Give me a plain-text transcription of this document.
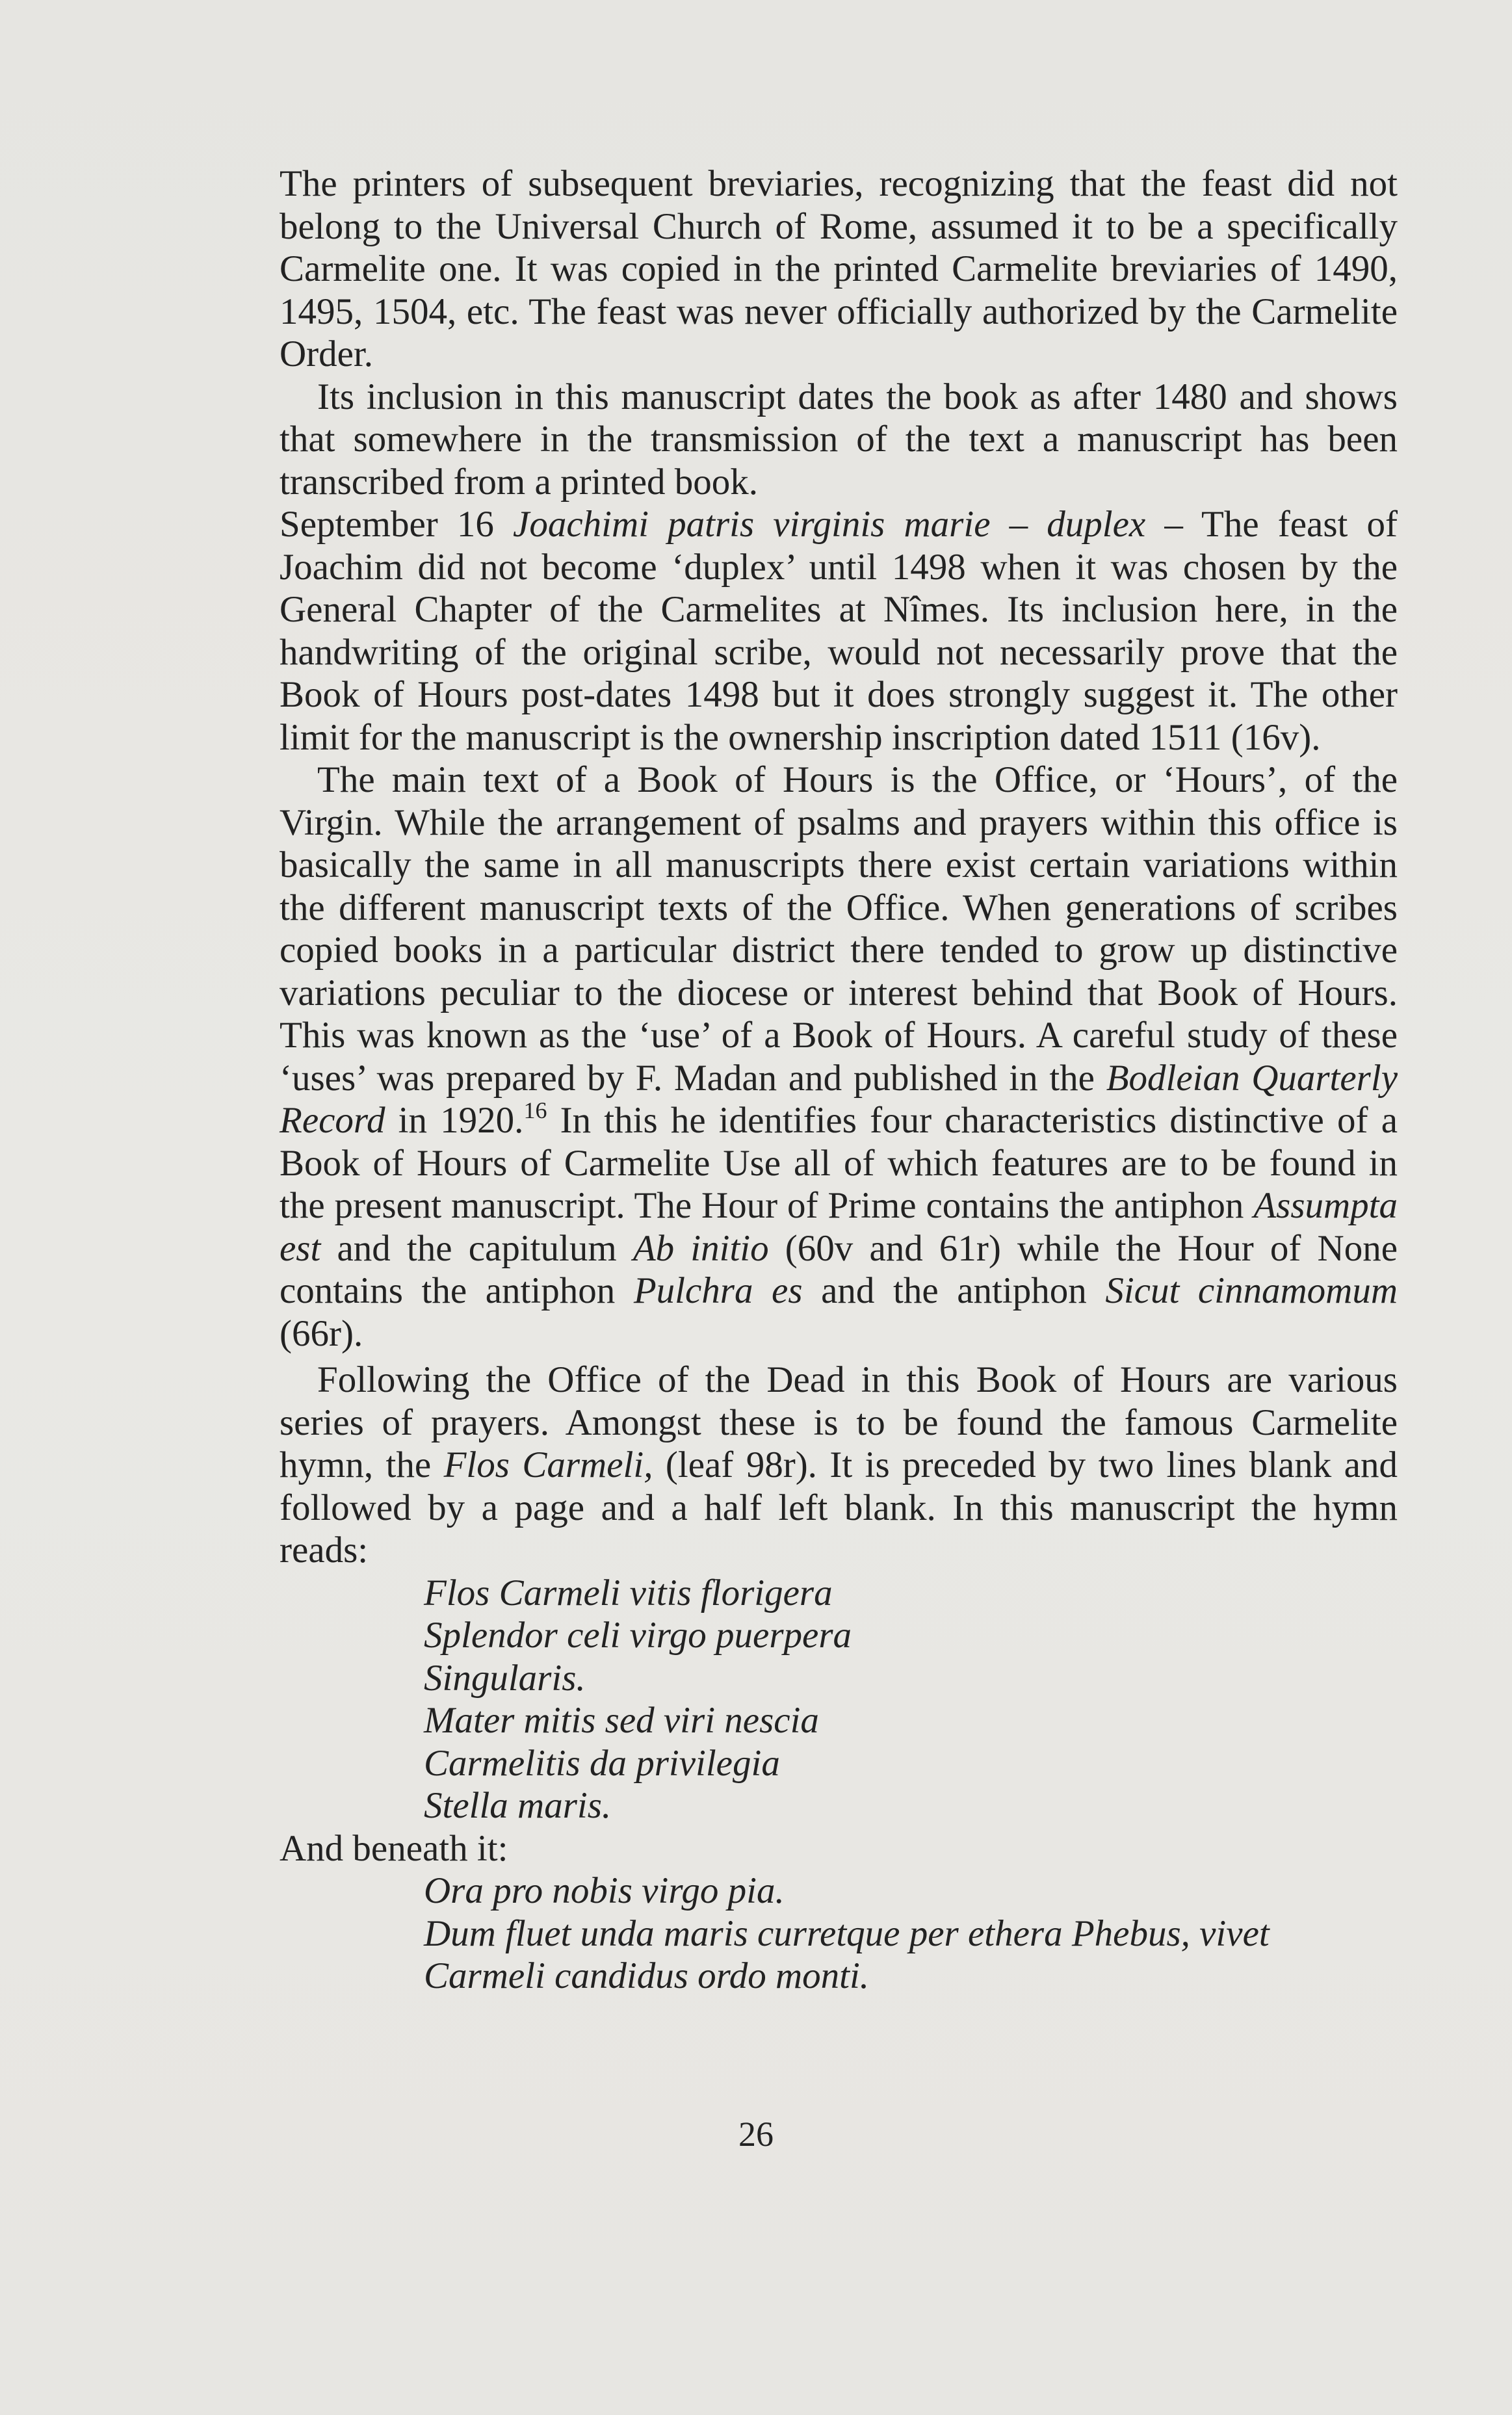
The printers of subsequent breviaries, recognizing that the feast did not belong to the Universal Church of Rome, assumed it to be a specifically Carmelite one. It was copied in the printed Carmelite breviaries of 1490, 1495, 1504, etc. The feast was never officially authorized by the Carmelite Order.

Its inclusion in this manuscript dates the book as after 1480 and shows that somewhere in the transmission of the text a manuscript has been transcribed from a printed book.

September 16 Joachimi patris virginis marie – duplex – The feast of Joachim did not become ‘duplex’ until 1498 when it was chosen by the General Chapter of the Carmelites at Nîmes. Its inclusion here, in the handwriting of the original scribe, would not necessarily prove that the Book of Hours post-dates 1498 but it does strongly suggest it. The other limit for the manuscript is the ownership inscription dated 1511 (16v).

The main text of a Book of Hours is the Office, or ‘Hours’, of the Virgin. While the arrangement of psalms and prayers within this office is basically the same in all manuscripts there exist certain variations within the different manuscript texts of the Office. When generations of scribes copied books in a particular district there tended to grow up distinctive variations peculiar to the diocese or interest behind that Book of Hours. This was known as the ‘use’ of a Book of Hours. A careful study of these ‘uses’ was prepared by F. Madan and published in the Bodleian Quarterly Record in 1920.16 In this he identifies four characteristics distinctive of a Book of Hours of Carmelite Use all of which features are to be found in the present manuscript. The Hour of Prime contains the antiphon Assumpta est and the capitulum Ab initio (60v and 61r) while the Hour of None contains the antiphon Pulchra es and the antiphon Sicut cinnamomum (66r).

Following the Office of the Dead in this Book of Hours are various series of prayers. Amongst these is to be found the famous Carmelite hymn, the Flos Carmeli, (leaf 98r). It is preceded by two lines blank and followed by a page and a half left blank. In this manuscript the hymn reads:

Flos Carmeli vitis florigera
Splendor celi virgo puerpera
Singularis.
Mater mitis sed viri nescia
Carmelitis da privilegia
Stella maris.

And beneath it:

Ora pro nobis virgo pia.
Dum fluet unda maris curretque per ethera Phebus, vivet Carmeli candidus ordo monti.
26
